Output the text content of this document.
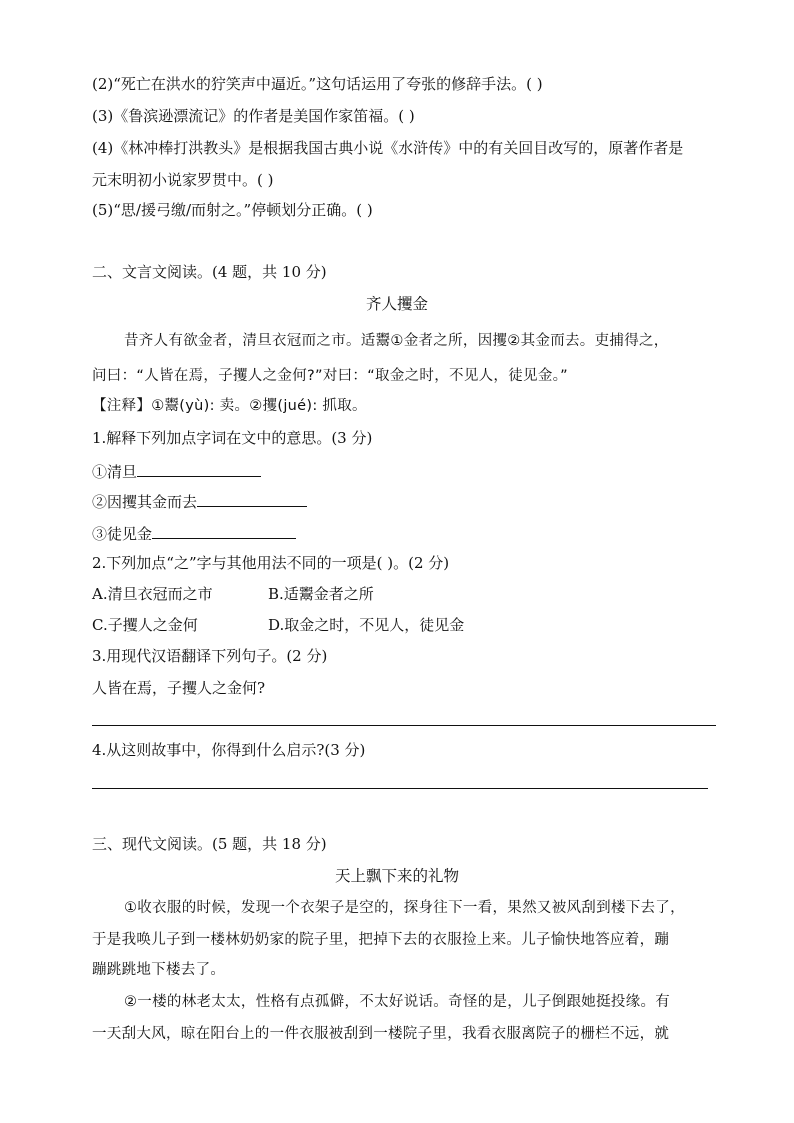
(2)“死亡在洪水的狞笑声中逼近。”这句话运用了夸张的修辞手法。( )
(3)《鲁滨逊漂流记》的作者是美国作家笛福。( )
(4)《林冲棒打洪教头》是根据我国古典小说《水浒传》中的有关回目改写的，原著作者是
元末明初小说家罗贯中。( )
(5)“思/援弓缴/而射之。”停顿划分正确。( )
二、文言文阅读。(4 题，共 10 分)
齐人攫金
昔齐人有欲金者，清旦衣冠而之市。适鬻①金者之所，因攫②其金而去。吏捕得之，
问曰：“人皆在焉，子攫人之金何?”对曰：“取金之时，不见人，徒见金。”
【注释】①鬻(yù): 卖。②攫(jué): 抓取。
1.解释下列加点字词在文中的意思。(3 分)
①清旦
②因攫其金而去
③徒见金
2.下列加点“之”字与其他用法不同的一项是( )。(2 分)
A.清旦衣冠而之市	B.适鬻金者之所
C.子攫人之金何	D.取金之时，不见人，徒见金
3.用现代汉语翻译下列句子。(2 分)
人皆在焉，子攫人之金何?
4.从这则故事中，你得到什么启示?(3 分)
三、现代文阅读。(5 题，共 18 分)
天上飘下来的礼物
①收衣服的时候，发现一个衣架子是空的，探身往下一看，果然又被风刮到楼下去了，
于是我唤儿子到一楼林奶奶家的院子里，把掉下去的衣服捡上来。儿子愉快地答应着，蹦
蹦跳跳地下楼去了。
②一楼的林老太太，性格有点孤僻，不太好说话。奇怪的是，儿子倒跟她挺投缘。有
一天刮大风，晾在阳台上的一件衣服被刮到一楼院子里，我看衣服离院子的栅栏不远，就
